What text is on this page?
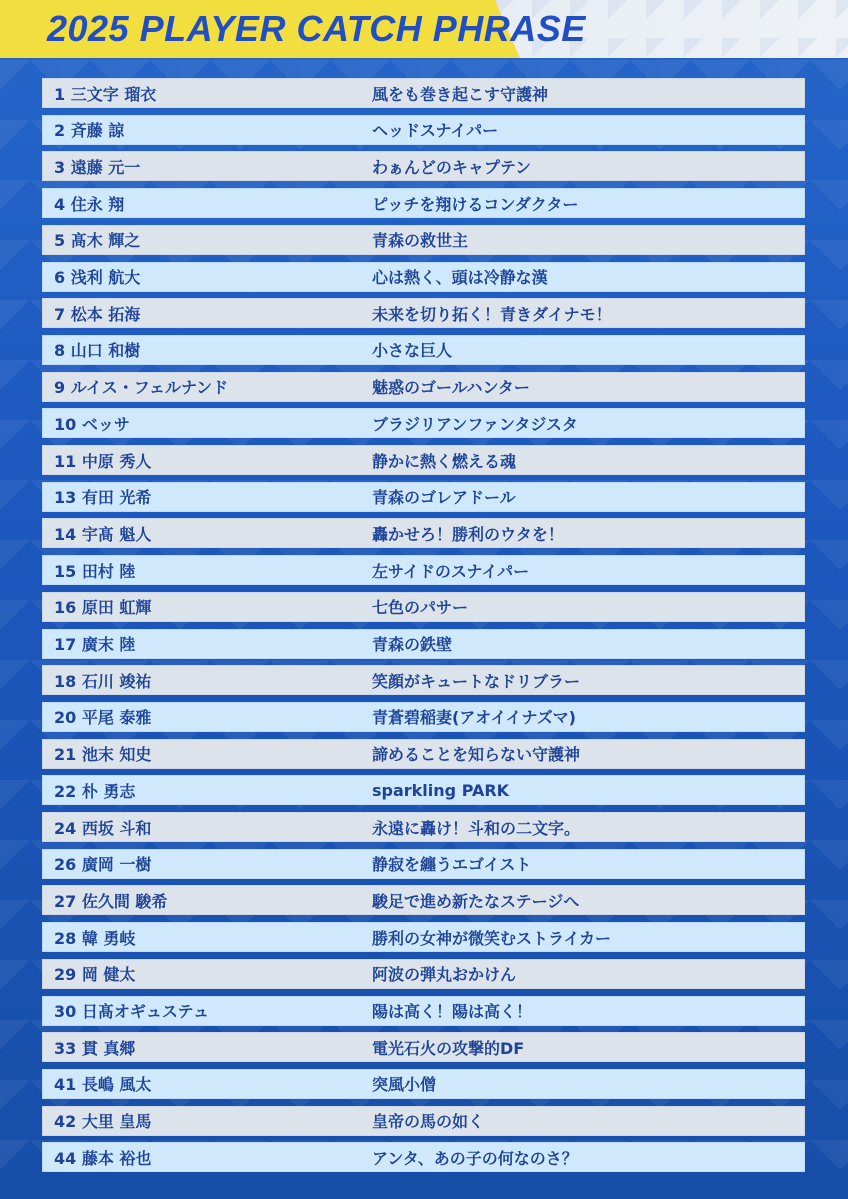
2025 PLAYER CATCH PHRASE
1 三文字 瑠衣	風をも巻き起こす守護神
2 斉藤 諒	ヘッドスナイパー
3 遠藤 元一	わぁんどのキャプテン
4 住永 翔	ピッチを翔けるコンダクター
5 髙木 輝之	青森の救世主
6 浅利 航大	心は熱く、頭は冷静な漢
7 松本 拓海	未来を切り拓く！青きダイナモ！
8 山口 和樹	小さな巨人
9 ルイス・フェルナンド	魅惑のゴールハンター
10 ベッサ	ブラジリアンファンタジスタ
11 中原 秀人	静かに熱く燃える魂
13 有田 光希	青森のゴレアドール
14 宇髙 魁人	轟かせろ！勝利のウタを！
15 田村 陸	左サイドのスナイパー
16 原田 虹輝	七色のパサー
17 廣末 陸	青森の鉄壁
18 石川 竣祐	笑顔がキュートなドリブラー
20 平尾 泰雅	青蒼碧稲妻(アオイイナズマ)
21 池末 知史	諦めることを知らない守護神
22 朴 勇志	sparkling PARK
24 西坂 斗和	永遠に轟け！斗和の二文字。
26 廣岡 一樹	静寂を纏うエゴイスト
27 佐久間 駿希	駿足で進め新たなステージへ
28 韓 勇岐	勝利の女神が微笑むストライカー
29 岡 健太	阿波の弾丸おかけん
30 日髙オギュステュ	陽は高く！陽は高く！
33 貫 真郷	電光石火の攻撃的DF
41 長嶋 風太	突風小僧
42 大里 皇馬	皇帝の馬の如く
44 藤本 裕也	アンタ、あの子の何なのさ？
